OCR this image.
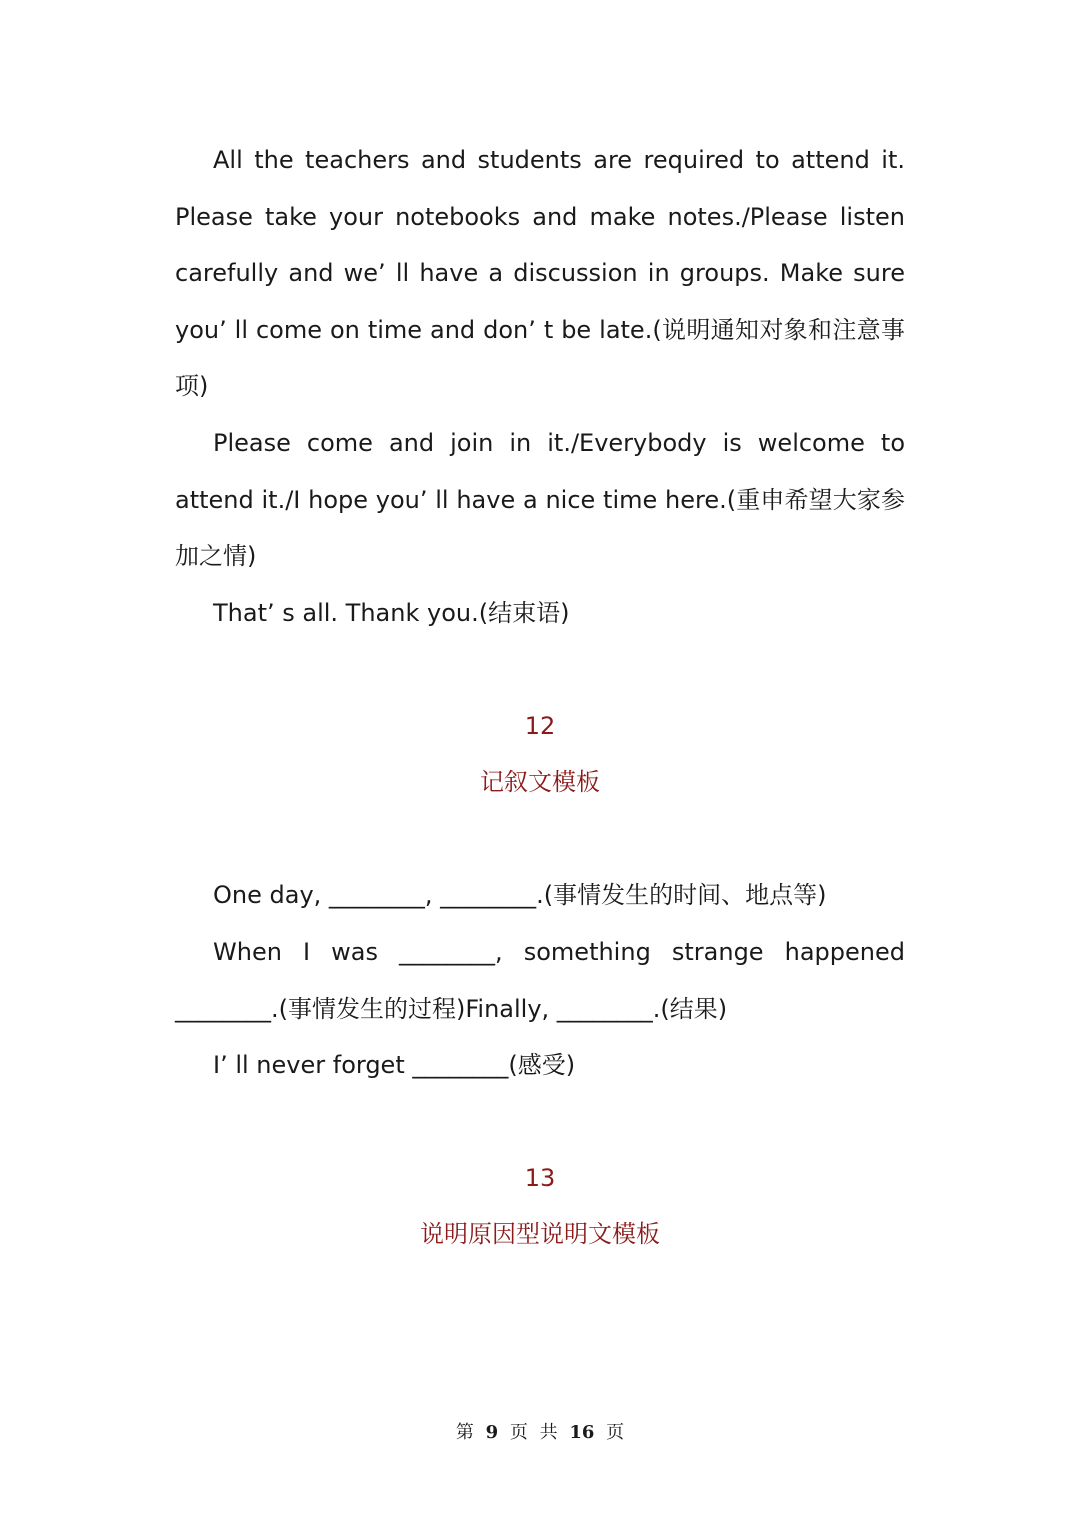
All the teachers and students are required to attend it. Please take your notebooks and make notes./Please listen carefully and we’ ll have a discussion in groups. Make sure you’ ll come on time and don’ t be late.(说明通知对象和注意事项)

Please come and join in it./Everybody is welcome to attend it./I hope you’ ll have a nice time here.(重申希望大家参加之情)

That’ s all. Thank you.(结束语)

12
记叙文模板

One day, ________, ________.(事情发生的时间、地点等)

When I was ________, something strange happened ________.(事情发生的过程)Finally, ________.(结果)

I’ ll never forget ________(感受)

13
说明原因型说明文模板
第 9 页 共 16 页
